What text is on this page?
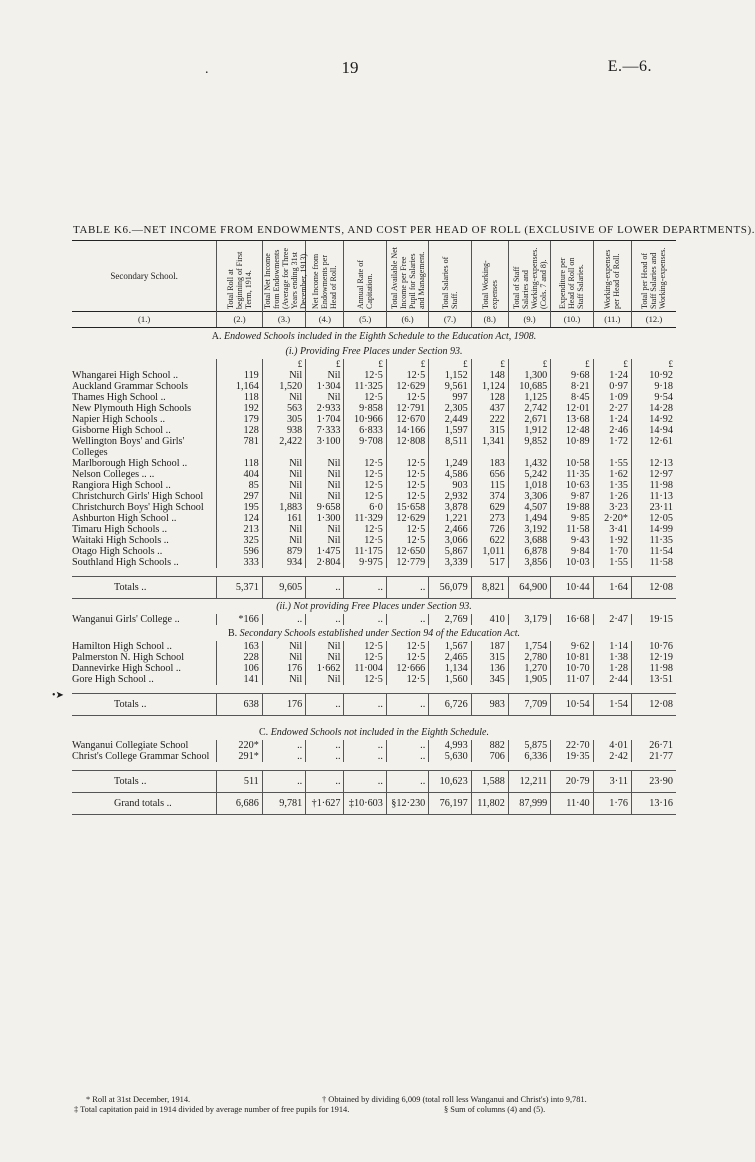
.	19	E.—6.
TABLE K6.—NET INCOME FROM ENDOWMENTS, AND COST PER HEAD OF ROLL (EXCLUSIVE OF LOWER DEPARTMENTS).
•➤
Secondary School.	Total Roll at beginning of First Term, 1914.	Total Net Income from Endowments (Average for Three Years ending 31st December, 1913).	Net Income from Endowments per Head of Roll.	Annual Rate of Capitation.	Total Available Net Income per Free Pupil for Salaries and Management.	Total Salaries of Staff.	Total Working-expenses	Total of Staff Salaries and Working-expenses. (Cols. 7 and 8).	Expenditure per Head of Roll on Staff Salaries.	Working-expenses per Head of Roll.	Total per Head of Staff Salaries and Working-expenses.

(1.)	(2.)	(3.)	(4.)	(5.)	(6.)	(7.)	(8.)	(9.)	(10.)	(11.)	(12.)
A. Endowed Schools included in the Eighth Schedule to the Education Act, 1908.											
(i.) Providing Free Places under Section 93.											
		£	£	£	£	£	£	£	£	£	£
Whangarei High School ..	119	Nil	Nil	12·5	12·5	1,152	148	1,300	9·68	1·24	10·92
Auckland Grammar Schools	1,164	1,520	1·304	11·325	12·629	9,561	1,124	10,685	8·21	0·97	9·18
Thames High School ..	118	Nil	Nil	12·5	12·5	997	128	1,125	8·45	1·09	9·54
New Plymouth High Schools	192	563	2·933	9·858	12·791	2,305	437	2,742	12·01	2·27	14·28
Napier High Schools ..	179	305	1·704	10·966	12·670	2,449	222	2,671	13·68	1·24	14·92
Gisborne High School ..	128	938	7·333	6·833	14·166	1,597	315	1,912	12·48	2·46	14·94
Wellington Boys' and Girls' Colleges	781	2,422	3·100	9·708	12·808	8,511	1,341	9,852	10·89	1·72	12·61
Marlborough High School ..	118	Nil	Nil	12·5	12·5	1,249	183	1,432	10·58	1·55	12·13
Nelson Colleges .. ..	404	Nil	Nil	12·5	12·5	4,586	656	5,242	11·35	1·62	12·97
Rangiora High School ..	85	Nil	Nil	12·5	12·5	903	115	1,018	10·63	1·35	11·98
Christchurch Girls' High School	297	Nil	Nil	12·5	12·5	2,932	374	3,306	9·87	1·26	11·13
Christchurch Boys' High School	195	1,883	9·658	6·0	15·658	3,878	629	4,507	19·88	3·23	23·11
Ashburton High School ..	124	161	1·300	11·329	12·629	1,221	273	1,494	9·85	2·20*	12·05
Timaru High Schools ..	213	Nil	Nil	12·5	12·5	2,466	726	3,192	11·58	3·41	14·99
Waitaki High Schools ..	325	Nil	Nil	12·5	12·5	3,066	622	3,688	9·43	1·92	11·35
Otago High Schools ..	596	879	1·475	11·175	12·650	5,867	1,011	6,878	9·84	1·70	11·54
Southland High Schools ..	333	934	2·804	9·975	12·779	3,339	517	3,856	10·03	1·55	11·58

Totals ..	5,371	9,605	..	..	..	56,079	8,821	64,900	10·44	1·64	12·08
(ii.) Not providing Free Places under Section 93.											
Wanganui Girls' College ..	*166	..	..	..	..	2,769	410	3,179	16·68	2·47	19·15
B. Secondary Schools established under Section 94 of the Education Act.											
Hamilton High School ..	163	Nil	Nil	12·5	12·5	1,567	187	1,754	9·62	1·14	10·76
Palmerston N. High School	228	Nil	Nil	12·5	12·5	2,465	315	2,780	10·81	1·38	12·19
Dannevirke High School ..	106	176	1·662	11·004	12·666	1,134	136	1,270	10·70	1·28	11·98
Gore High School ..	141	Nil	Nil	12·5	12·5	1,560	345	1,905	11·07	2·44	13·51

Totals ..	638	176	..	..	..	6,726	983	7,709	10·54	1·54	12·08

C. Endowed Schools not included in the Eighth Schedule.											
Wanganui Collegiate School	220*	..	..	..	..	4,993	882	5,875	22·70	4·01	26·71
Christ's College Grammar School	291*	..	..	..	..	5,630	706	6,336	19·35	2·42	21·77

Totals ..	511	..	..	..	..	10,623	1,588	12,211	20·79	3·11	23·90
Grand totals ..	6,686	9,781	†1·627	‡10·603	§12·230	76,197	11,802	87,999	11·40	1·76	13·16
* Roll at 31st December, 1914.	† Obtained by dividing 6,009 (total roll less Wanganui and Christ's) into 9,781.
‡ Total capitation paid in 1914 divided by average number of free pupils for 1914.	§ Sum of columns (4) and (5).
